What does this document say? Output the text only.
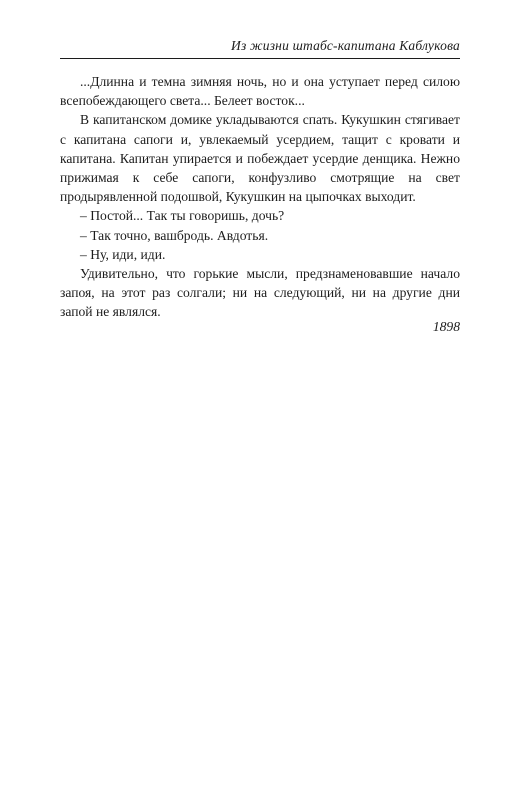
Из жизни штабс-капитана Каблукова

...Длинна и темна зимняя ночь, но и она уступает перед силою всепобеждающего света... Белеет восток...

В капитанском домике укладываются спать. Кукушкин стягивает с капитана сапоги и, увлекаемый усердием, тащит с кровати и капитана. Капитан упирается и побеждает усердие денщика. Нежно прижимая к себе сапоги, конфузливо смотрящие на свет продырявленной подошвой, Кукушкин на цыпочках выходит.

– Постой... Так ты говоришь, дочь?

– Так точно, вашбродь. Авдотья.

– Ну, иди, иди.

Удивительно, что горькие мысли, предзнаменовавшие начало запоя, на этот раз солгали; ни на следующий, ни на другие дни запой не являлся.

1898
